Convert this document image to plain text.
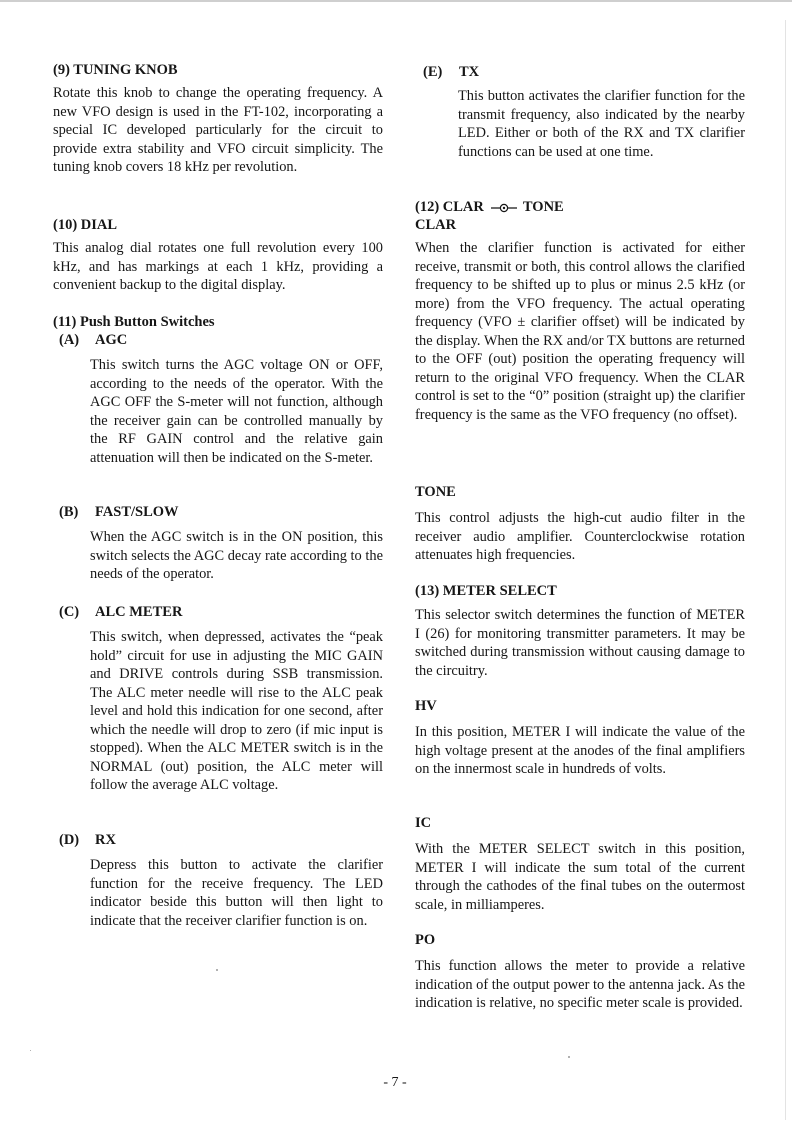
(9) TUNING KNOB

Rotate this knob to change the operating frequency. A new VFO design is used in the FT-102, incorporating a special IC developed particularly for the circuit to provide extra stability and VFO circuit simplicity. The tuning knob covers 18 kHz per revolution.

(10) DIAL

This analog dial rotates one full revolution every 100 kHz, and has markings at each 1 kHz, providing a convenient backup to the digital display.

(11) Push Button Switches
(A) AGC

This switch turns the AGC voltage ON or OFF, according to the needs of the operator. With the AGC OFF the S-meter will not function, although the receiver gain can be controlled manually by the RF GAIN control and the relative gain attenuation will then be indicated on the S-meter.

(B) FAST/SLOW

When the AGC switch is in the ON position, this switch selects the AGC decay rate according to the needs of the operator.

(C) ALC METER

This switch, when depressed, activates the “peak hold” circuit for use in adjusting the MIC GAIN and DRIVE controls during SSB transmission. The ALC meter needle will rise to the ALC peak level and hold this indication for one second, after which the needle will drop to zero (if mic input is stopped). When the ALC METER switch is in the NORMAL (out) position, the ALC meter will follow the average ALC voltage.

(D) RX

Depress this button to activate the clarifier function for the receive frequency. The LED indicator beside this button will then light to indicate that the receiver clarifier function is on.

(E) TX

This button activates the clarifier function for the transmit frequency, also indicated by the nearby LED. Either or both of the RX and TX clarifier functions can be used at one time.

(12) CLAR	TONE
CLAR

When the clarifier function is activated for either receive, transmit or both, this control allows the clarified frequency to be shifted up to plus or minus 2.5 kHz (or more) from the VFO frequency. The actual operating frequency (VFO ± clarifier offset) will be indicated by the display. When the RX and/or TX buttons are returned to the OFF (out) position the operating frequency will return to the original VFO frequency. When the CLAR control is set to the “0” position (straight up) the clarifier frequency is the same as the VFO frequency (no offset).

TONE

This control adjusts the high-cut audio filter in the receiver audio amplifier. Counterclockwise rotation attenuates high frequencies.

(13) METER SELECT

This selector switch determines the function of METER I (26) for monitoring transmitter parameters. It may be switched during transmission without causing damage to the circuitry.

HV

In this position, METER I will indicate the value of the high voltage present at the anodes of the final amplifiers on the innermost scale in hundreds of volts.

IC

With the METER SELECT switch in this position, METER I will indicate the sum total of the current through the cathodes of the final tubes on the outermost scale, in milliamperes.

PO

This function allows the meter to provide a relative indication of the output power to the antenna jack. As the indication is relative, no specific meter scale is provided.

- 7 -
